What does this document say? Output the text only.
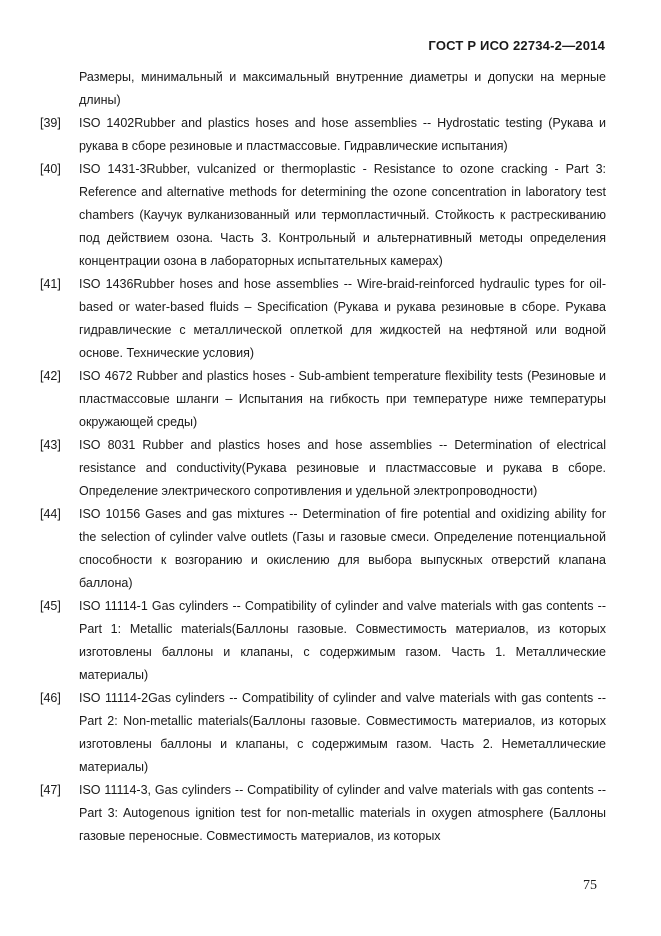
ГОСТ Р ИСО 22734-2—2014

Размеры, минимальный и максимальный внутренние диаметры и допуски на мерные длины)

[39] ISO 1402Rubber and plastics hoses and hose assemblies -- Hydrostatic testing (Рукава и рукава в сборе резиновые и пластмассовые. Гидравлические испытания)

[40] ISO 1431-3Rubber, vulcanized or thermoplastic - Resistance to ozone cracking - Part 3: Reference and alternative methods for determining the ozone concentration in laboratory test chambers (Каучук вулканизованный или термопластичный. Стойкость к растрескиванию под действием озона. Часть 3. Контрольный и альтернативный методы определения концентрации озона в лабораторных испытательных камерах)

[41] ISO 1436Rubber hoses and hose assemblies -- Wire-braid-reinforced hydraulic types for oil-based or water-based fluids – Specification (Рукава и рукава резиновые в сборе. Рукава гидравлические с металлической оплеткой для жидкостей на нефтяной или водной основе. Технические условия)

[42] ISO 4672 Rubber and plastics hoses - Sub-ambient temperature flexibility tests (Резиновые и пластмассовые шланги – Испытания на гибкость при температуре ниже температуры окружающей среды)

[43] ISO 8031 Rubber and plastics hoses and hose assemblies -- Determination of electrical resistance and conductivity(Рукава резиновые и пластмассовые и рукава в сборе. Определение электрического сопротивления и удельной электропроводности)

[44] ISO 10156 Gases and gas mixtures -- Determination of fire potential and oxidizing ability for the selection of cylinder valve outlets (Газы и газовые смеси. Определение потенциальной способности к возгоранию и окислению для выбора выпускных отверстий клапана баллона)

[45] ISO 11114-1 Gas cylinders -- Compatibility of cylinder and valve materials with gas contents -- Part 1: Metallic materials(Баллоны газовые. Совместимость материалов, из которых изготовлены баллоны и клапаны, с содержимым газом. Часть 1. Металлические материалы)

[46] ISO 11114-2Gas cylinders -- Compatibility of cylinder and valve materials with gas contents -- Part 2: Non-metallic materials(Баллоны газовые. Совместимость материалов, из которых изготовлены баллоны и клапаны, с содержимым газом. Часть 2. Неметаллические материалы)

[47] ISO 11114-3, Gas cylinders -- Compatibility of cylinder and valve materials with gas contents -- Part 3: Autogenous ignition test for non-metallic materials in oxygen atmosphere (Баллоны газовые переносные. Совместимость материалов, из которых

75
